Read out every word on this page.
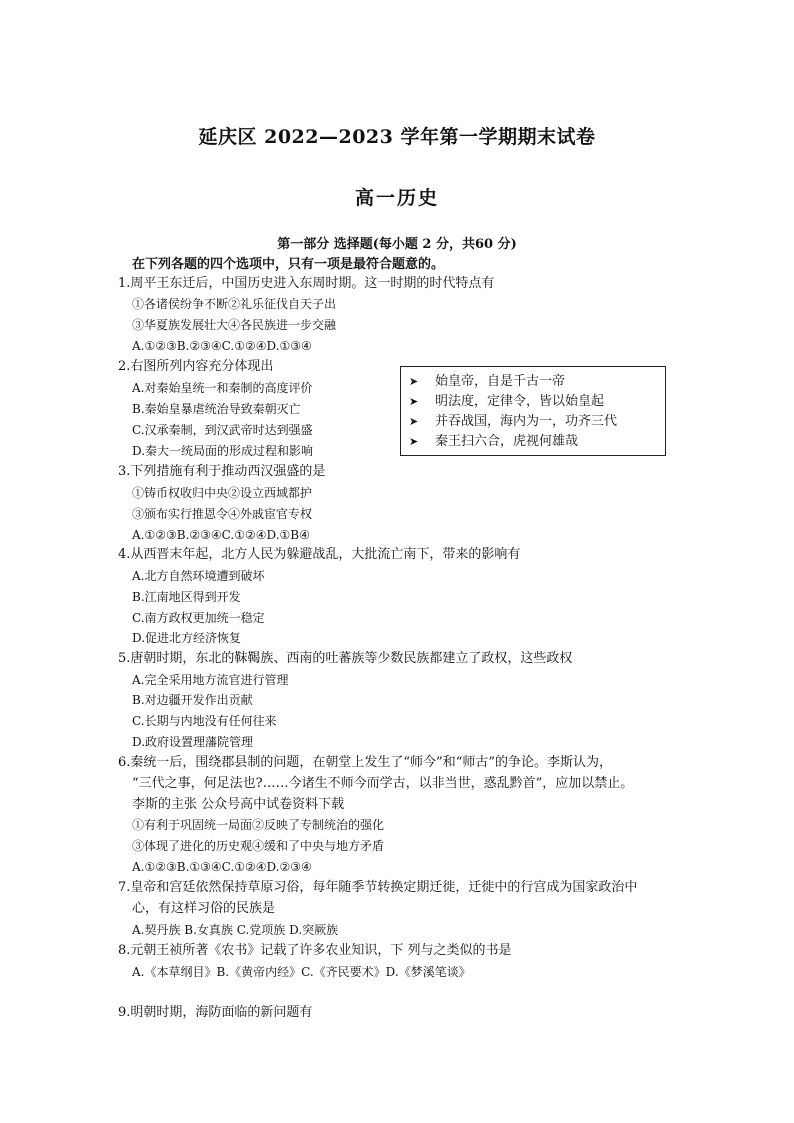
延庆区 2022—2023 学年第一学期期末试卷
高一历史
第一部分 选择题(每小题 2 分，共60 分)
在下列各题的四个选项中，只有一项是最符合题意的。
1.周平王东迁后，中国历史进入东周时期。这一时期的时代特点有
①各诸侯纷争不断②礼乐征伐自天子出
③华夏族发展壮大④各民族进一步交融
A.①②③B.②③④C.①②④D.①③④
2.右图所列内容充分体现出
A.对秦始皇统一和秦制的高度评价
B.秦始皇暴虐统治导致秦朝灭亡
C.汉承秦制，到汉武帝时达到强盛
D.秦大一统局面的形成过程和影响
➤ 始皇帝，自是千古一帝
➤ 明法度，定律令，皆以始皇起
➤ 并吞战国，海内为一，功齐三代
➤ 秦王扫六合，虎视何雄哉
3.下列措施有利于推动西汉强盛的是
①铸币权收归中央②设立西域都护
③颁布实行推恩令④外戚宦官专权
A.①②③B.②③④C.①②④D.①B④
4.从西晋末年起，北方人民为躲避战乱，大批流亡南下，带来的影响有
A.北方自然环境遭到破坏
B.江南地区得到开发
C.南方政权更加统一稳定
D.促进北方经济恢复
5.唐朝时期，东北的靺鞨族、西南的吐蕃族等少数民族都建立了政权，这些政权
A.完全采用地方流官进行管理
B.对边疆开发作出贡献
C.长期与内地没有任何往来
D.政府设置理藩院管理
6.秦统一后，围绕郡县制的问题，在朝堂上发生了“师今”和“师古”的争论。李斯认为，
“三代之事，何足法也?……今诸生不师今而学古，以非当世，惑乱黔首”，应加以禁止。
李斯的主张 公众号高中试卷资料下载
①有利于巩固统一局面②反映了专制统治的强化
③体现了进化的历史观④缓和了中央与地方矛盾
A.①②③B.①③④C.①②④D.②③④
7.皇帝和宫廷依然保持草原习俗，每年随季节转换定期迁徙，迁徙中的行宫成为国家政治中
心，有这样习俗的民族是
A.契丹族 B.女真族 C.党项族 D.突厥族
8.元朝王祯所著《农书》记载了许多农业知识，下 列与之类似的书是
A.《本草纲目》B.《黄帝内经》C.《齐民要术》D.《梦溪笔谈》
9.明朝时期，海防面临的新问题有
